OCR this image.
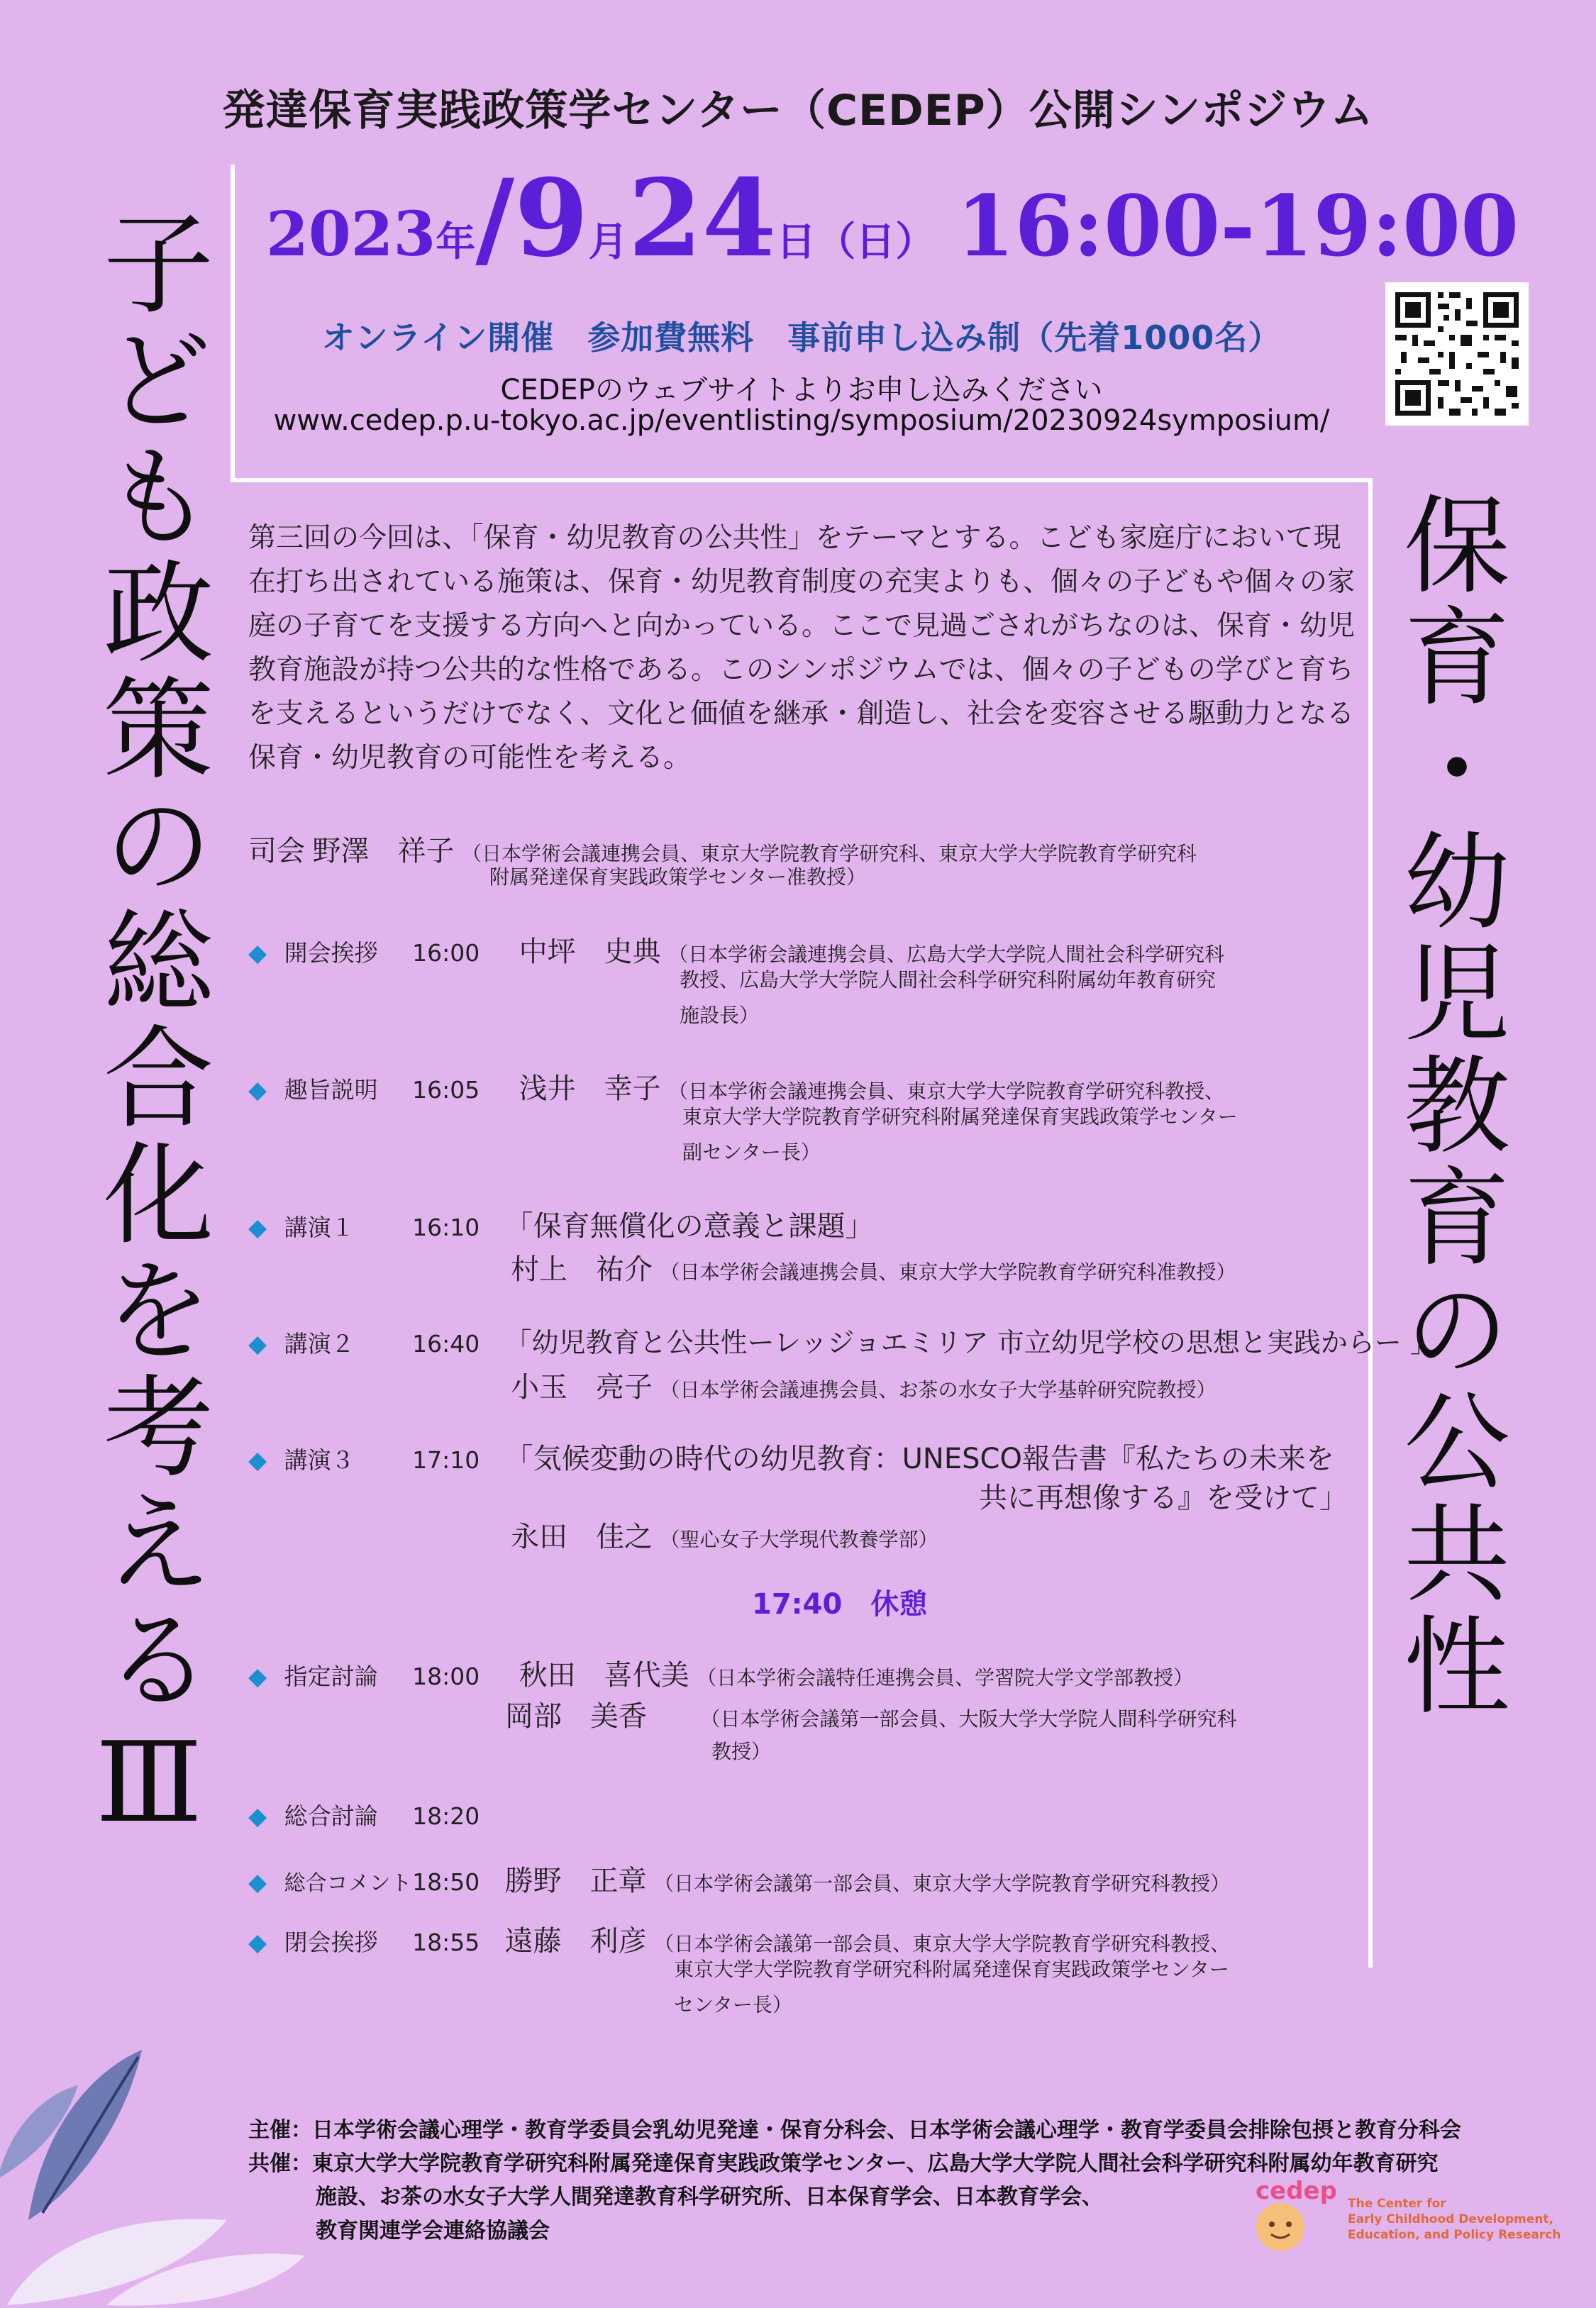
発達保育実践政策学センター（CEDEP）公開シンポジウム
2023年/9月24日（日） 16:00-19:00
オンライン開催　参加費無料　事前申し込み制（先着1000名）
CEDEPのウェブサイトよりお申し込みください
www.cedep.p.u-tokyo.ac.jp/eventlisting/symposium/20230924symposium/
子ども政策の総合化を考えるⅢ	保育・幼児教育の公共性
第三回の今回は、「保育・幼児教育の公共性」をテーマとする。こども家庭庁において現在打ち出されている施策は、保育・幼児教育制度の充実よりも、個々の子どもや個々の家庭の子育てを支援する方向へと向かっている。ここで見過ごされがちなのは、保育・幼児教育施設が持つ公共的な性格である。このシンポジウムでは、個々の子どもの学びと育ちを支えるというだけでなく、文化と価値を継承・創造し、社会を変容させる駆動力となる保育・幼児教育の可能性を考える。
司会 野澤　祥子 （日本学術会議連携会員、東京大学院教育学研究科、東京大学大学院教育学研究科
附属発達保育実践政策学センター准教授）
◆ 開会挨拶 16:00 中坪　史典 （日本学術会議連携会員、広島大学大学院人間社会科学研究科
教授、広島大学大学院人間社会科学研究科附属幼年教育研究
施設長）
◆ 趣旨説明 16:05 浅井　幸子 （日本学術会議連携会員、東京大学大学院教育学研究科教授、
東京大学大学院教育学研究科附属発達保育実践政策学センター
副センター長）
◆ 講演１ 16:10 「保育無償化の意義と課題」
村上　祐介 （日本学術会議連携会員、東京大学大学院教育学研究科准教授）
◆ 講演２ 16:40 「幼児教育と公共性ーレッジョエミリア 市立幼児学校の思想と実践からー 」
小玉　亮子 （日本学術会議連携会員、お茶の水女子大学基幹研究院教授）
◆ 講演３ 17:10 「気候変動の時代の幼児教育：UNESCO報告書『私たちの未来を
共に再想像する』を受けて」
永田　佳之 （聖心女子大学現代教養学部）
17:40　休憩
◆ 指定討論 18:00 秋田　喜代美 （日本学術会議特任連携会員、学習院大学文学部教授）
岡部　美香	（日本学術会議第一部会員、大阪大学大学院人間科学研究科
教授）
◆ 総合討論 18:20
◆ 総合コメント 18:50 勝野　正章 （日本学術会議第一部会員、東京大学大学院教育学研究科教授）
◆ 閉会挨拶 18:55 遠藤　利彦 （日本学術会議第一部会員、東京大学大学院教育学研究科教授、
東京大学大学院教育学研究科附属発達保育実践政策学センター
センター長）
主催：日本学術会議心理学・教育学委員会乳幼児発達・保育分科会、日本学術会議心理学・教育学委員会排除包摂と教育分科会
共催：東京大学大学院教育学研究科附属発達保育実践政策学センター、広島大学大学院人間社会科学研究科附属幼年教育研究
施設、お茶の水女子大学人間発達教育科学研究所、日本保育学会、日本教育学会、
教育関連学会連絡協議会
cedep The Center for
Early Childhood Development,
Education, and Policy Research
